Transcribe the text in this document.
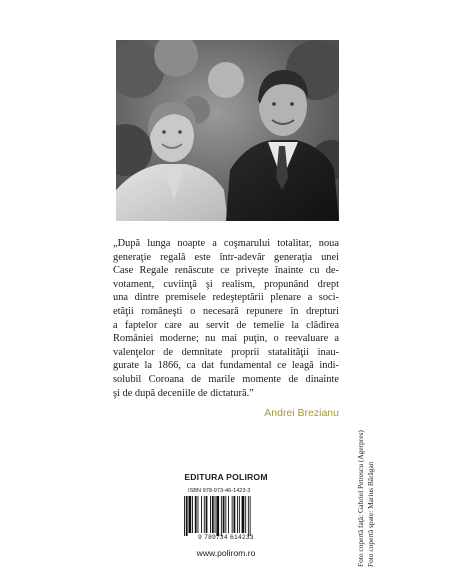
„După lunga noapte a coşmarului totalitar, noua
generaţie regală este într-adevăr generaţia unei
Case Regale renăscute ce priveşte înainte cu de-
votament, cuviinţă şi realism, propunând drept
una dintre premisele redeşteptării plenare a soci-
etăţii româneşti o necesară repunere în drepturi
a faptelor care au servit de temelie la clădirea
României moderne; nu mai puţin, o reevaluare a
valenţelor de demnitate proprii statalităţii inau-
gurate la 1866, ca dat fundamental ce leagă indi-
solubil Coroana de marile momente de dinainte
şi de după deceniile de dictatură.”
Andrei Brezianu
EDITURA POLIROM
ISBN 978-973-46-1423-3
9 789734 614233
www.polirom.ro	Foto copertă faţă: Gabriel Petrescu (Agerpres) Foto copertă spate: Marius Bărăgan
